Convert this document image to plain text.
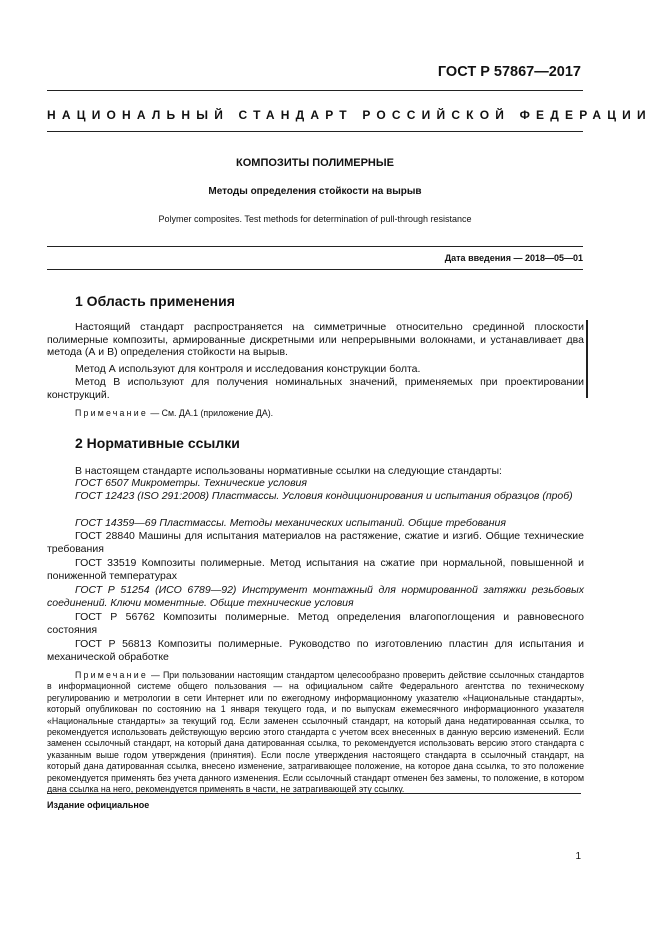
ГОСТ Р 57867—2017
НАЦИОНАЛЬНЫЙ СТАНДАРТ РОССИЙСКОЙ ФЕДЕРАЦИИ
КОМПОЗИТЫ ПОЛИМЕРНЫЕ
Методы определения стойкости на вырыв
Polymer composites. Test methods for determination of pull-through resistance
Дата введения — 2018—05—01
1 Область применения
Настоящий стандарт распространяется на симметричные относительно срединной плоскости полимерные композиты, армированные дискретными или непрерывными волокнами, и устанавливает два метода (А и В) определения стойкости на вырыв.
Метод А используют для контроля и исследования конструкции болта.
Метод В используют для получения номинальных значений, применяемых при проектировании конструкций.
Примечание — См. ДА.1 (приложение ДА).
2 Нормативные ссылки
В настоящем стандарте использованы нормативные ссылки на следующие стандарты:
ГОСТ 6507 Микрометры. Технические условия
ГОСТ 12423 (ISO 291:2008) Пластмассы. Условия кондиционирования и испытания образцов (проб)
ГОСТ 14359—69 Пластмассы. Методы механических испытаний. Общие требования
ГОСТ 28840 Машины для испытания материалов на растяжение, сжатие и изгиб. Общие технические требования
ГОСТ 33519 Композиты полимерные. Метод испытания на сжатие при нормальной, повышенной и пониженной температурах
ГОСТ Р 51254 (ИСО 6789—92) Инструмент монтажный для нормированной затяжки резьбовых соединений. Ключи моментные. Общие технические условия
ГОСТ Р 56762 Композиты полимерные. Метод определения влагопоглощения и равновесного состояния
ГОСТ Р 56813 Композиты полимерные. Руководство по изготовлению пластин для испытания и механической обработке
Примечание — При пользовании настоящим стандартом целесообразно проверить действие ссылочных стандартов в информационной системе общего пользования — на официальном сайте Федерального агентства по техническому регулированию и метрологии в сети Интернет или по ежегодному информационному указателю «Национальные стандарты», который опубликован по состоянию на 1 января текущего года, и по выпускам ежемесячного информационного указателя «Национальные стандарты» за текущий год. Если заменен ссылочный стандарт, на который дана недатированная ссылка, то рекомендуется использовать действующую версию этого стандарта с учетом всех внесенных в данную версию изменений. Если заменен ссылочный стандарт, на который дана датированная ссылка, то рекомендуется использовать версию этого стандарта с указанным выше годом утверждения (принятия). Если после утверждения настоящего стандарта в ссылочный стандарт, на который дана датированная ссылка, внесено изменение, затрагивающее положение, на которое дана ссылка, то это положение рекомендуется применять без учета данного изменения. Если ссылочный стандарт отменен без замены, то положение, в котором дана ссылка на него, рекомендуется применять в части, не затрагивающей эту ссылку.
Издание официальное
1
